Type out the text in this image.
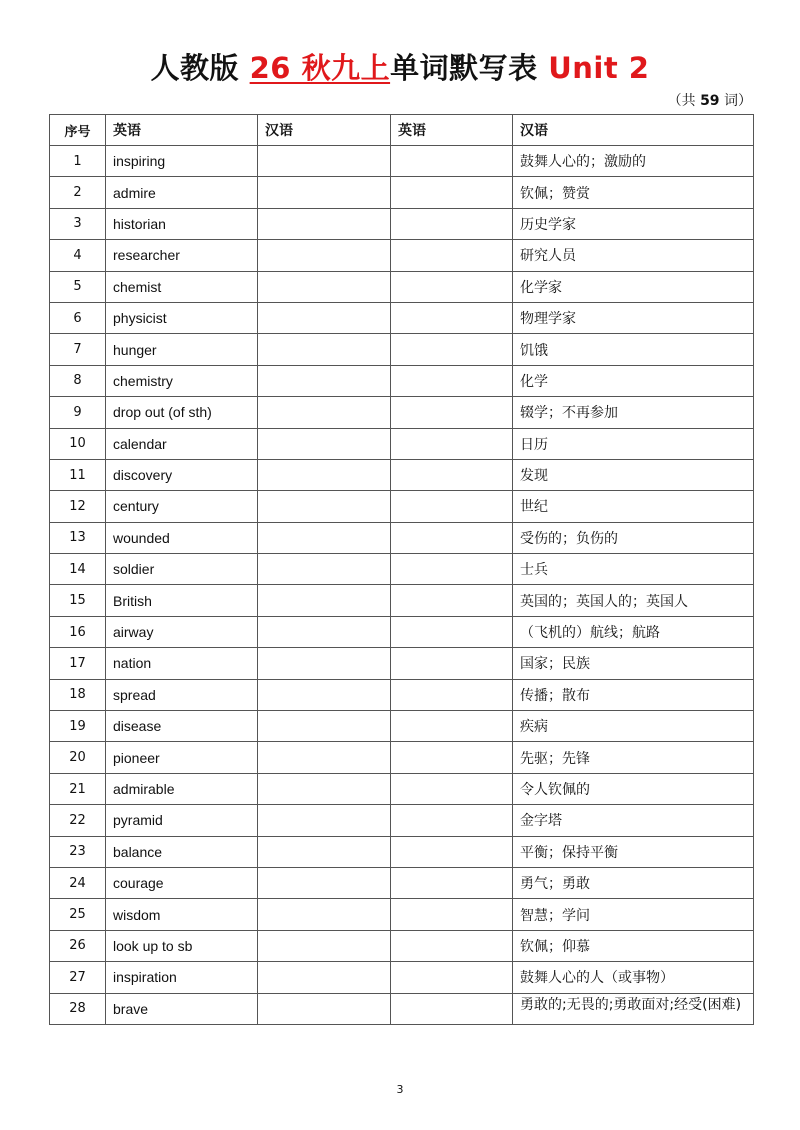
人教版 26 秋九上单词默写表 Unit 2
（共 59 词）
序号	英语	汉语	英语	汉语
1	inspiring			鼓舞人心的；激励的
2	admire			钦佩；赞赏
3	historian			历史学家
4	researcher			研究人员
5	chemist			化学家
6	physicist			物理学家
7	hunger			饥饿
8	chemistry			化学
9	drop out (of sth)			辍学；不再参加
10	calendar			日历
11	discovery			发现
12	century			世纪
13	wounded			受伤的；负伤的
14	soldier			士兵
15	British			英国的；英国人的；英国人
16	airway			（飞机的）航线；航路
17	nation			国家；民族
18	spread			传播；散布
19	disease			疾病
20	pioneer			先驱；先锋
21	admirable			令人钦佩的
22	pyramid			金字塔
23	balance			平衡；保持平衡
24	courage			勇气；勇敢
25	wisdom			智慧；学问
26	look up to sb			钦佩；仰慕
27	inspiration			鼓舞人心的人（或事物）
28	brave			勇敢的;无畏的;勇敢面对;经受(困难)
3
